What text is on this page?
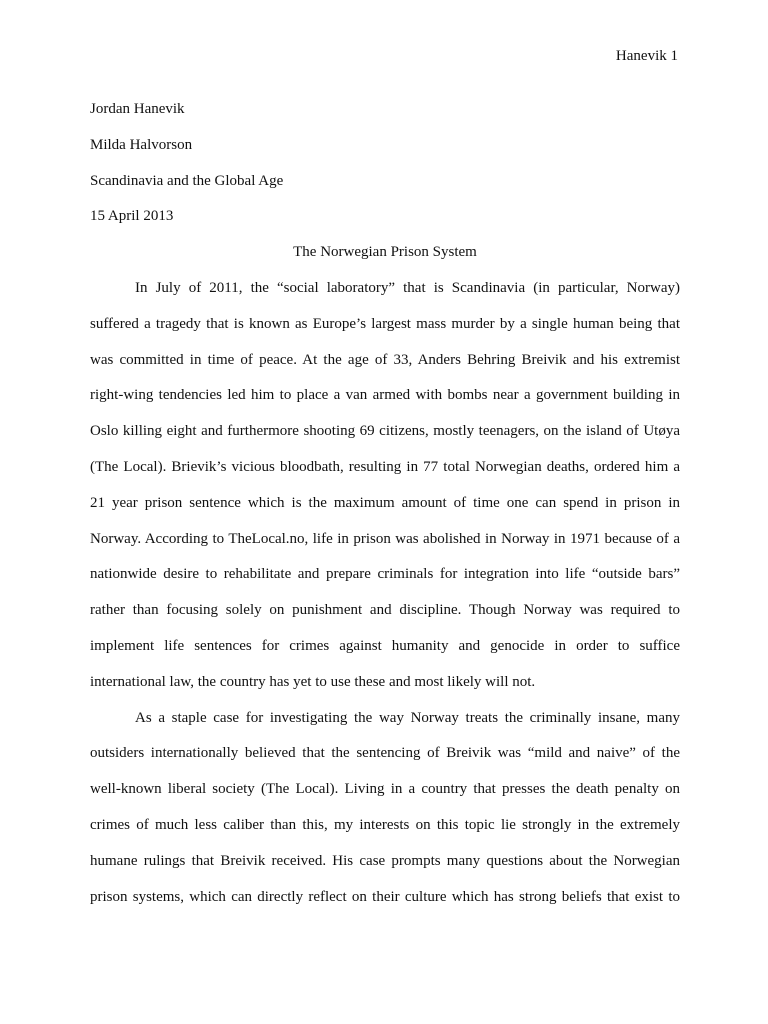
Hanevik 1
Jordan Hanevik
Milda Halvorson
Scandinavia and the Global Age
15 April 2013
The Norwegian Prison System
In July of 2011, the “social laboratory” that is Scandinavia (in particular, Norway)
suffered a tragedy that is known as Europe’s largest mass murder by a single human being that
was committed in time of peace. At the age of 33, Anders Behring Breivik and his extremist
right-wing tendencies led him to place a van armed with bombs near a government building in
Oslo killing eight and furthermore shooting 69 citizens, mostly teenagers, on the island of Utøya
(The Local). Brievik’s vicious bloodbath, resulting in 77 total Norwegian deaths, ordered him a
21 year prison sentence which is the maximum amount of time one can spend in prison in
Norway. According to TheLocal.no, life in prison was abolished in Norway in 1971 because of a
nationwide desire to rehabilitate and prepare criminals for integration into life “outside bars”
rather than focusing solely on punishment and discipline. Though Norway was required to
implement life sentences for crimes against humanity and genocide in order to suffice
international law, the country has yet to use these and most likely will not.
As a staple case for investigating the way Norway treats the criminally insane, many
outsiders internationally believed that the sentencing of Breivik was “mild and naive” of the
well-known liberal society (The Local). Living in a country that presses the death penalty on
crimes of much less caliber than this, my interests on this topic lie strongly in the extremely
humane rulings that Breivik received. His case prompts many questions about the Norwegian
prison systems, which can directly reflect on their culture which has strong beliefs that exist to
